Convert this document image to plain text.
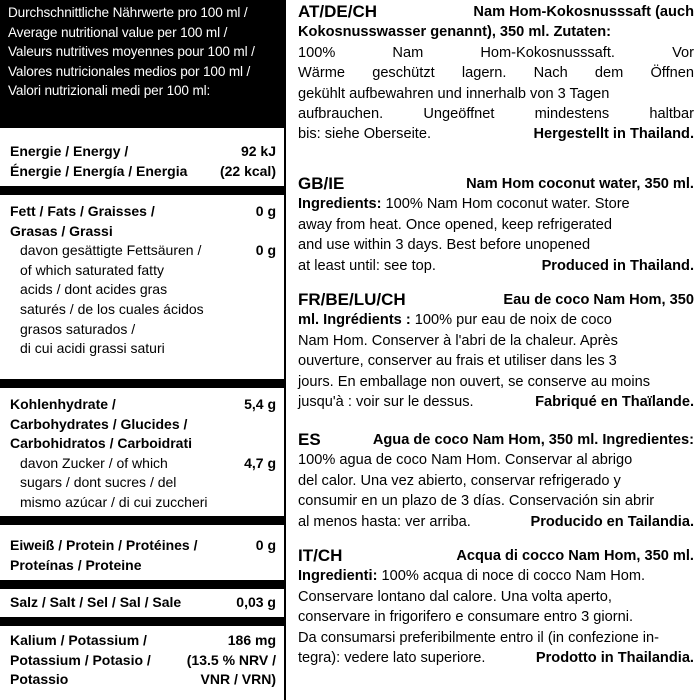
Durchschnittliche Nährwerte pro 100 ml /
Average nutritional value per 100 ml /
Valeurs nutritives moyennes pour 100 ml /
Valores nutricionales medios por 100 ml /
Valori nutrizionali medi per 100 ml:
Energie / Energy /
Énergie / Energía / Energia
92 kJ
(22 kcal)
Fett / Fats / Graisses /
Grasas / Grassi
0 g
davon gesättigte Fettsäuren /
of which saturated fatty
acids / dont acides gras
saturés / de los cuales ácidos
grasos saturados /
di cui acidi grassi saturi
0 g
Kohlenhydrate /
Carbohydrates / Glucides /
Carbohidratos / Carboidrati
5,4 g
davon Zucker / of which
sugars / dont sucres / del
mismo azúcar / di cui zuccheri
4,7 g
Eiweiß / Protein / Protéines /
Proteínas / Proteine
0 g
Salz / Salt / Sel / Sal / Sale	0,03 g
Kalium / Potassium /
Potassium / Potasio /
Potassio
186 mg
(13.5 % NRV /
VNR / VRN)
AT/DE/CH	Nam Hom-Kokosnusssaft (auch
Kokosnusswasser genannt), 350 ml. Zutaten:
100%	Nam	Hom-Kokosnusssaft.	Vor
Wärme geschützt lagern. Nach dem Öffnen
gekühlt aufbewahren und innerhalb von 3 Tagen
aufbrauchen.	Ungeöffnet	mindestens	haltbar
bis: siehe Oberseite.	Hergestellt in Thailand.
GB/IE	Nam Hom coconut water, 350 ml.
Ingredients: 100% Nam Hom coconut water. Store
away from heat. Once opened, keep refrigerated
and use within 3 days. Best before unopened
at least until: see top.	Produced in Thailand.
FR/BE/LU/CH	Eau de coco Nam Hom, 350
ml. Ingrédients : 100% pur eau de noix de coco
Nam Hom. Conserver à l'abri de la chaleur. Après
ouverture, conserver au frais et utiliser dans les 3
jours. En emballage non ouvert, se conserve au moins
jusqu'à : voir sur le dessus.	Fabriqué en Thaïlande.
ES	Agua de coco Nam Hom, 350 ml. Ingredientes:
100% agua de coco Nam Hom. Conservar al abrigo
del calor. Una vez abierto, conservar refrigerado y
consumir en un plazo de 3 días. Conservación sin abrir
al menos hasta: ver arriba.	Producido en Tailandia.
IT/CH	Acqua di cocco Nam Hom, 350 ml.
Ingredienti: 100% acqua di noce di cocco Nam Hom.
Conservare lontano dal calore. Una volta aperto,
conservare in frigorifero e consumare entro 3 giorni.
Da consumarsi preferibilmente entro il (in confezione in-
tegra): vedere lato superiore.	Prodotto in Thailandia.
